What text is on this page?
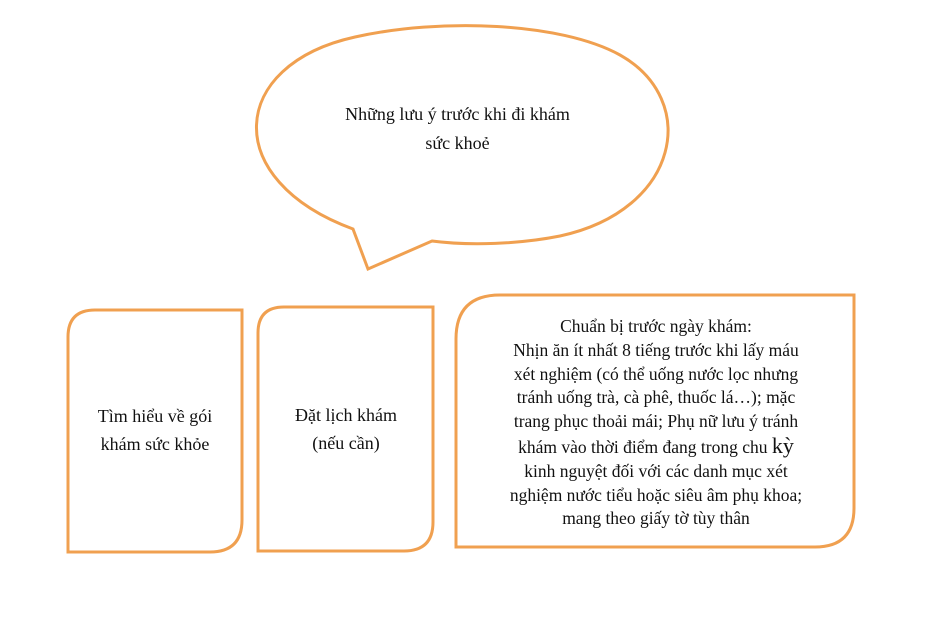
Những lưu ý trước khi đi khám
sức khoẻ
Tìm hiểu về gói
khám sức khỏe
Đặt lịch khám
(nếu cần)
Chuẩn bị trước ngày khám:
Nhịn ăn ít nhất 8 tiếng trước khi lấy máu
xét nghiệm (có thể uống nước lọc nhưng
tránh uống trà, cà phê, thuốc lá…); mặc
trang phục thoải mái; Phụ nữ lưu ý tránh
khám vào thời điểm đang trong chu kỳ
kinh nguyệt đối với các danh mục xét
nghiệm nước tiểu hoặc siêu âm phụ khoa;
mang theo giấy tờ tùy thân
